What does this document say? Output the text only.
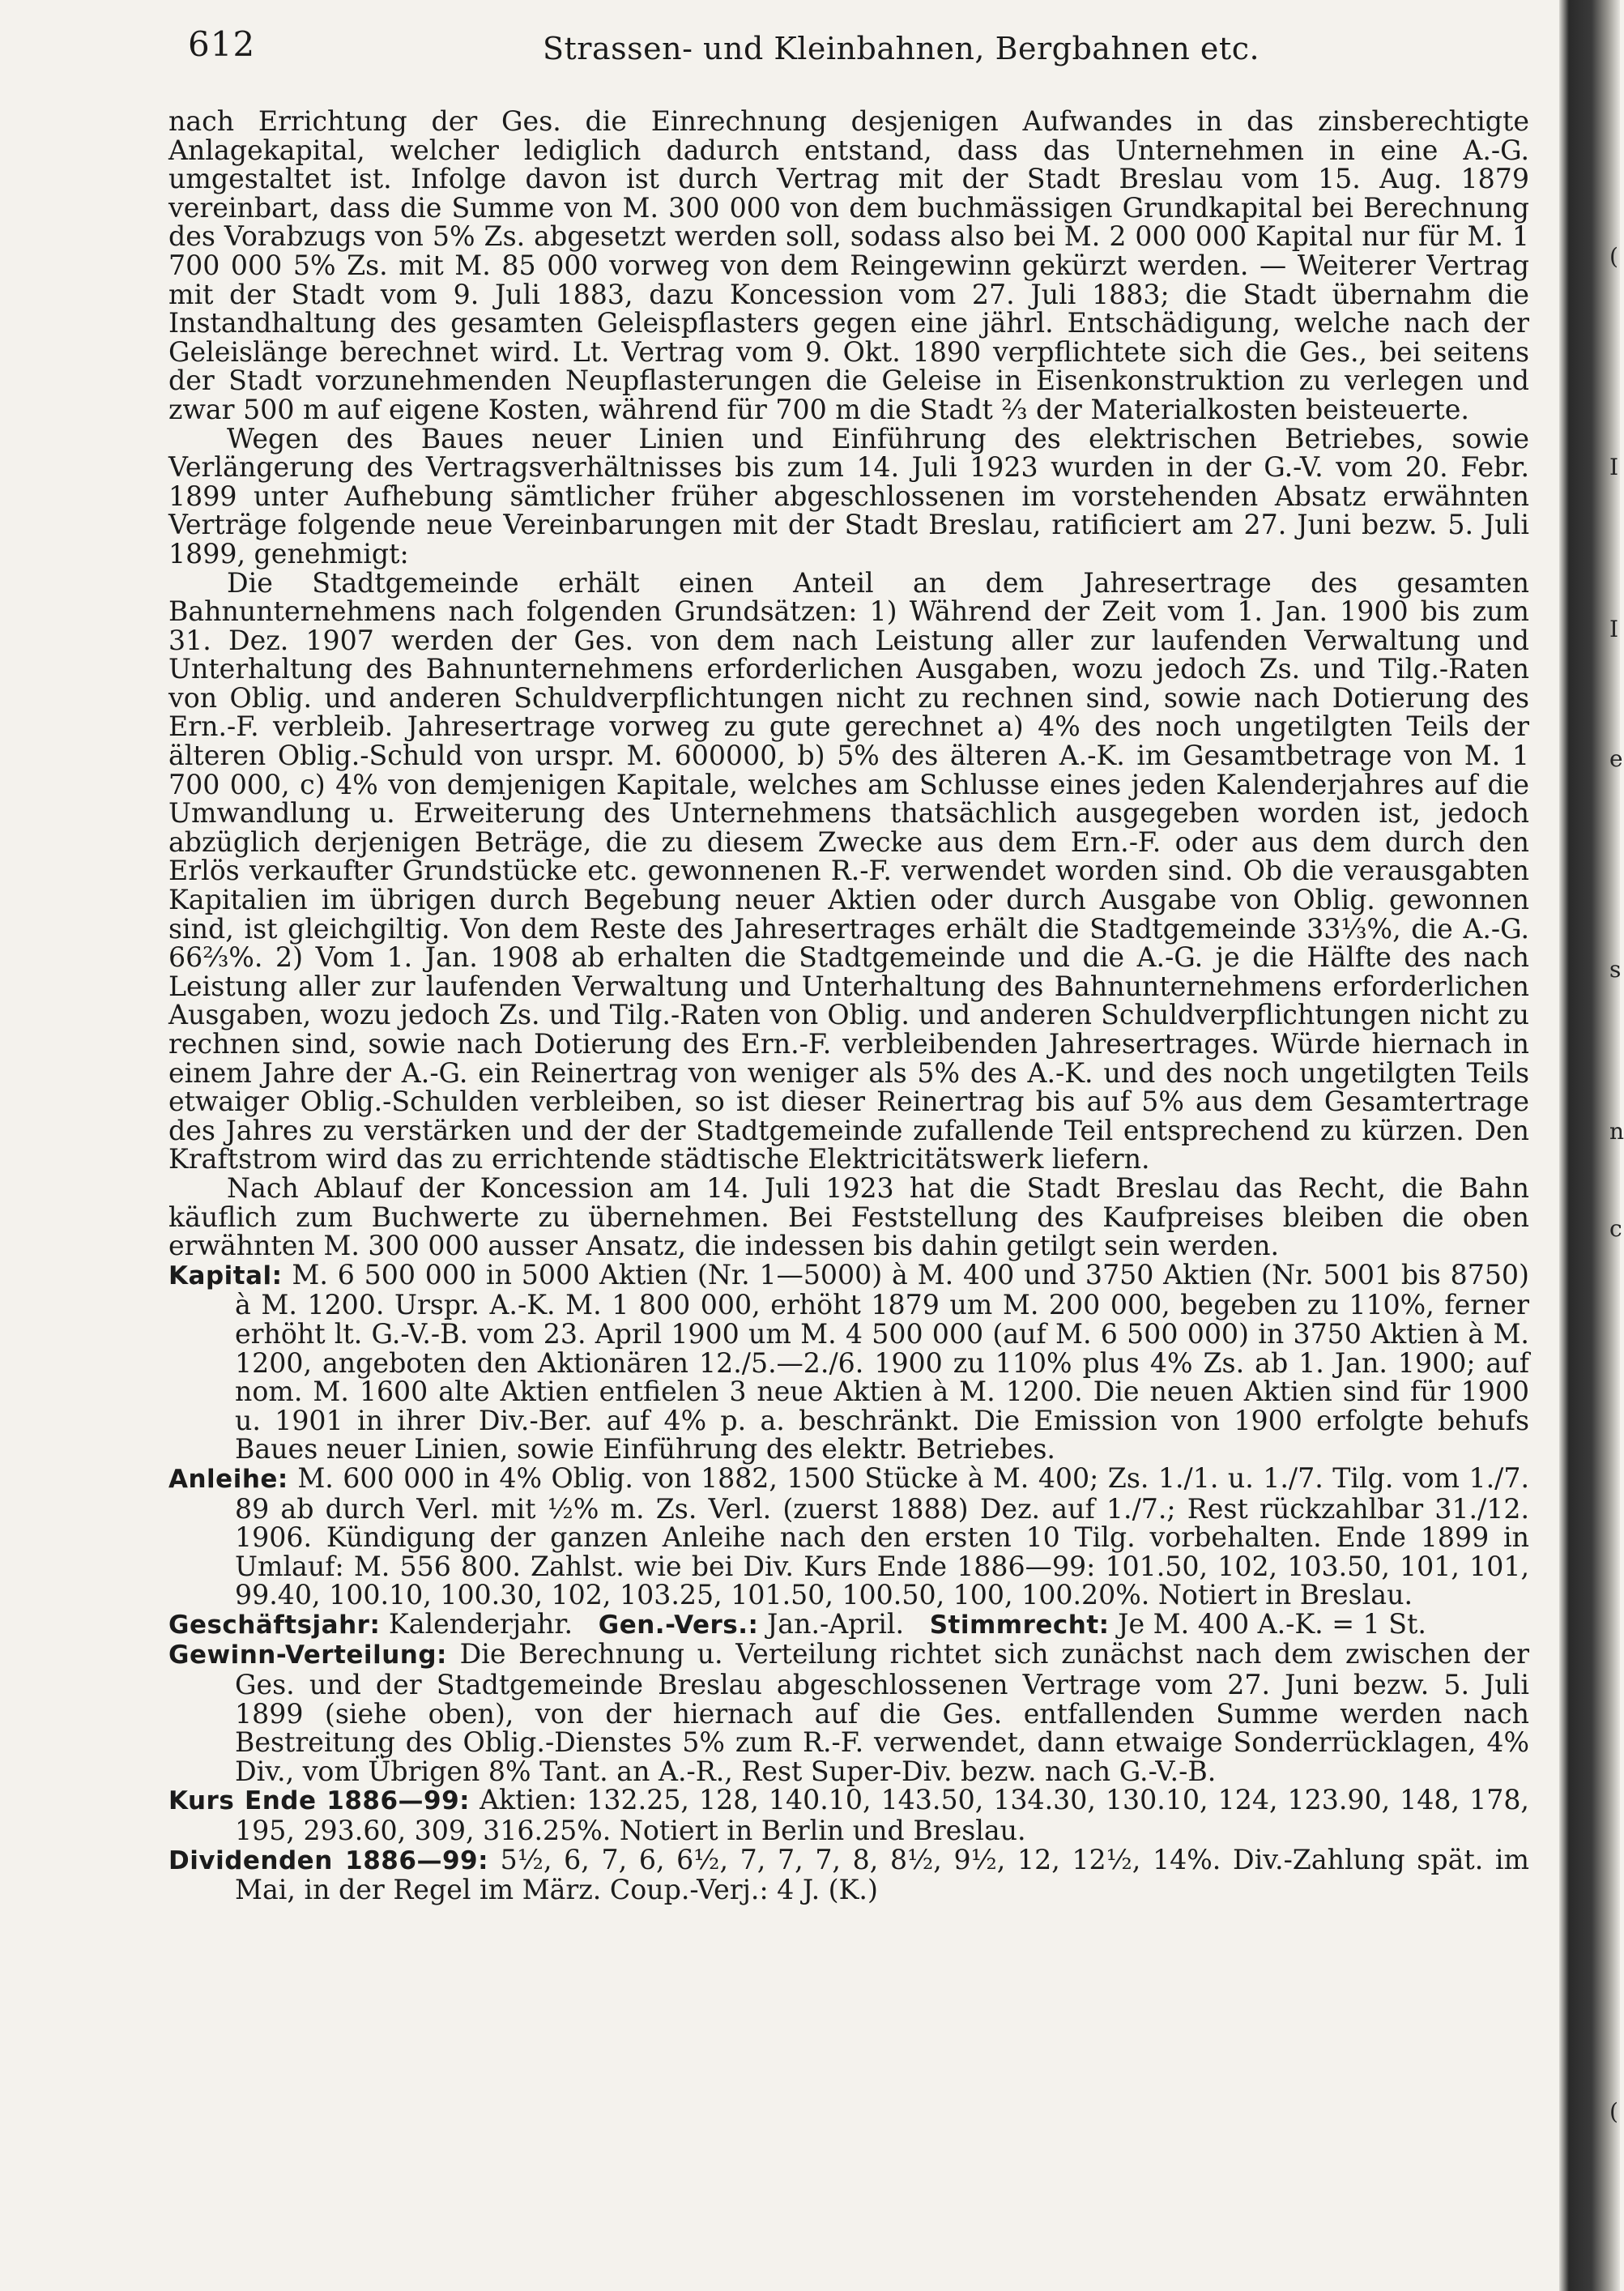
612	Strassen- und Kleinbahnen, Bergbahnen etc.

nach Errichtung der Ges. die Einrechnung desjenigen Aufwandes in das zinsberechtigte Anlagekapital, welcher lediglich dadurch entstand, dass das Unternehmen in eine A.-G. umgestaltet ist. Infolge davon ist durch Vertrag mit der Stadt Breslau vom 15. Aug. 1879 vereinbart, dass die Summe von M. 300 000 von dem buchmässigen Grundkapital bei Berechnung des Vorabzugs von 5% Zs. abgesetzt werden soll, sodass also bei M. 2 000 000 Kapital nur für M. 1 700 000 5% Zs. mit M. 85 000 vorweg von dem Reingewinn gekürzt werden. — Weiterer Vertrag mit der Stadt vom 9. Juli 1883, dazu Koncession vom 27. Juli 1883; die Stadt übernahm die Instandhaltung des gesamten Geleispflasters gegen eine jährl. Entschädigung, welche nach der Geleislänge berechnet wird. Lt. Vertrag vom 9. Okt. 1890 verpflichtete sich die Ges., bei seitens der Stadt vorzunehmenden Neupflasterungen die Geleise in Eisenkonstruktion zu verlegen und zwar 500 m auf eigene Kosten, während für 700 m die Stadt ⅔ der Materialkosten beisteuerte.

Wegen des Baues neuer Linien und Einführung des elektrischen Betriebes, sowie Verlängerung des Vertragsverhältnisses bis zum 14. Juli 1923 wurden in der G.-V. vom 20. Febr. 1899 unter Aufhebung sämtlicher früher abgeschlossenen im vorstehenden Absatz erwähnten Verträge folgende neue Vereinbarungen mit der Stadt Breslau, ratificiert am 27. Juni bezw. 5. Juli 1899, genehmigt:

Die Stadtgemeinde erhält einen Anteil an dem Jahresertrage des gesamten Bahnunternehmens nach folgenden Grundsätzen: 1) Während der Zeit vom 1. Jan. 1900 bis zum 31. Dez. 1907 werden der Ges. von dem nach Leistung aller zur laufenden Verwaltung und Unterhaltung des Bahnunternehmens erforderlichen Ausgaben, wozu jedoch Zs. und Tilg.-Raten von Oblig. und anderen Schuldverpflichtungen nicht zu rechnen sind, sowie nach Dotierung des Ern.-F. verbleib. Jahresertrage vorweg zu gute gerechnet a) 4% des noch ungetilgten Teils der älteren Oblig.-Schuld von urspr. M. 600000, b) 5% des älteren A.-K. im Gesamtbetrage von M. 1 700 000, c) 4% von demjenigen Kapitale, welches am Schlusse eines jeden Kalenderjahres auf die Umwandlung u. Erweiterung des Unternehmens thatsächlich ausgegeben worden ist, jedoch abzüglich derjenigen Beträge, die zu diesem Zwecke aus dem Ern.-F. oder aus dem durch den Erlös verkaufter Grundstücke etc. gewonnenen R.-F. verwendet worden sind. Ob die verausgabten Kapitalien im übrigen durch Begebung neuer Aktien oder durch Ausgabe von Oblig. gewonnen sind, ist gleichgiltig. Von dem Reste des Jahresertrages erhält die Stadtgemeinde 33⅓%, die A.-G. 66⅔%. 2) Vom 1. Jan. 1908 ab erhalten die Stadtgemeinde und die A.-G. je die Hälfte des nach Leistung aller zur laufenden Verwaltung und Unterhaltung des Bahnunternehmens erforderlichen Ausgaben, wozu jedoch Zs. und Tilg.-Raten von Oblig. und anderen Schuldverpflichtungen nicht zu rechnen sind, sowie nach Dotierung des Ern.-F. verbleibenden Jahresertrages. Würde hiernach in einem Jahre der A.-G. ein Reinertrag von weniger als 5% des A.-K. und des noch ungetilgten Teils etwaiger Oblig.-Schulden verbleiben, so ist dieser Reinertrag bis auf 5% aus dem Gesamtertrage des Jahres zu verstärken und der der Stadtgemeinde zufallende Teil entsprechend zu kürzen. Den Kraftstrom wird das zu errichtende städtische Elektricitätswerk liefern.

Nach Ablauf der Koncession am 14. Juli 1923 hat die Stadt Breslau das Recht, die Bahn käuflich zum Buchwerte zu übernehmen. Bei Feststellung des Kaufpreises bleiben die oben erwähnten M. 300 000 ausser Ansatz, die indessen bis dahin getilgt sein werden.

Kapital: M. 6 500 000 in 5000 Aktien (Nr. 1—5000) à M. 400 und 3750 Aktien (Nr. 5001 bis 8750) à M. 1200. Urspr. A.-K. M. 1 800 000, erhöht 1879 um M. 200 000, begeben zu 110%, ferner erhöht lt. G.-V.-B. vom 23. April 1900 um M. 4 500 000 (auf M. 6 500 000) in 3750 Aktien à M. 1200, angeboten den Aktionären 12./5.—2./6. 1900 zu 110% plus 4% Zs. ab 1. Jan. 1900; auf nom. M. 1600 alte Aktien entfielen 3 neue Aktien à M. 1200. Die neuen Aktien sind für 1900 u. 1901 in ihrer Div.-Ber. auf 4% p. a. beschränkt. Die Emission von 1900 erfolgte behufs Baues neuer Linien, sowie Einführung des elektr. Betriebes.

Anleihe: M. 600 000 in 4% Oblig. von 1882, 1500 Stücke à M. 400; Zs. 1./1. u. 1./7. Tilg. vom 1./7. 89 ab durch Verl. mit ½% m. Zs. Verl. (zuerst 1888) Dez. auf 1./7.; Rest rückzahlbar 31./12. 1906. Kündigung der ganzen Anleihe nach den ersten 10 Tilg. vorbehalten. Ende 1899 in Umlauf: M. 556 800. Zahlst. wie bei Div. Kurs Ende 1886—99: 101.50, 102, 103.50, 101, 101, 99.40, 100.10, 100.30, 102, 103.25, 101.50, 100.50, 100, 100.20%. Notiert in Breslau.

Geschäftsjahr: Kalenderjahr. Gen.-Vers.: Jan.-April. Stimmrecht: Je M. 400 A.-K. = 1 St.

Gewinn-Verteilung: Die Berechnung u. Verteilung richtet sich zunächst nach dem zwischen der Ges. und der Stadtgemeinde Breslau abgeschlossenen Vertrage vom 27. Juni bezw. 5. Juli 1899 (siehe oben), von der hiernach auf die Ges. entfallenden Summe werden nach Bestreitung des Oblig.-Dienstes 5% zum R.-F. verwendet, dann etwaige Sonderrücklagen, 4% Div., vom Übrigen 8% Tant. an A.-R., Rest Super-Div. bezw. nach G.-V.-B.

Kurs Ende 1886—99: Aktien: 132.25, 128, 140.10, 143.50, 134.30, 130.10, 124, 123.90, 148, 178, 195, 293.60, 309, 316.25%. Notiert in Berlin und Breslau.

Dividenden 1886—99: 5½, 6, 7, 6, 6½, 7, 7, 7, 8, 8½, 9½, 12, 12½, 14%. Div.-Zahlung spät. im Mai, in der Regel im März. Coup.-Verj.: 4 J. (K.)

(
I
I
e
s
n
c
(
